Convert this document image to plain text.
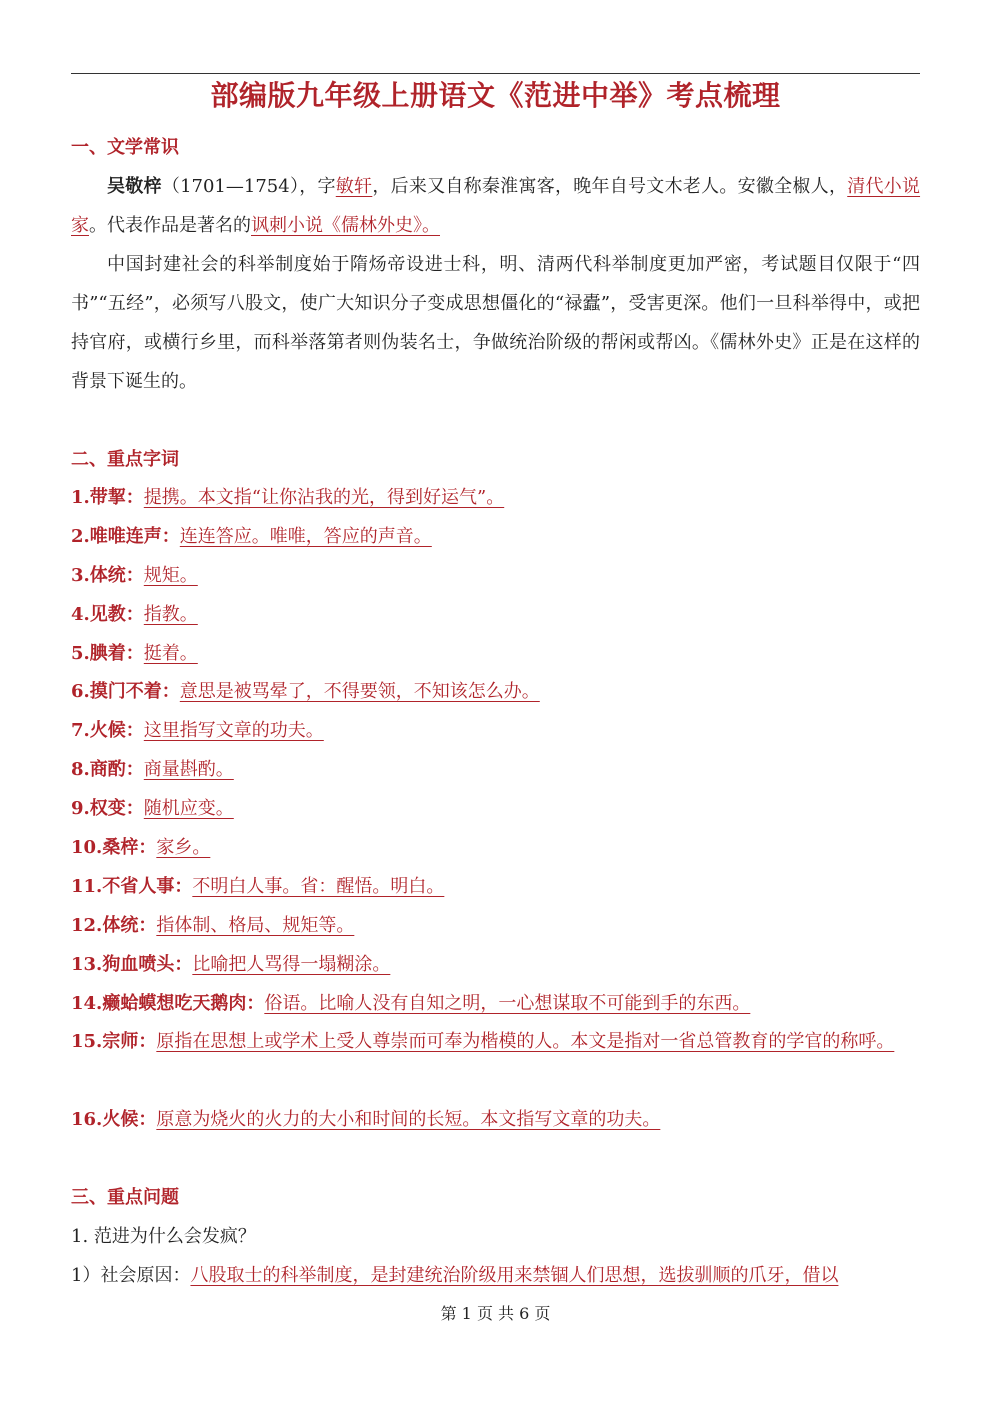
部编版九年级上册语文《范进中举》考点梳理
一、文学常识
吴敬梓（1701—1754），字敏轩，后来又自称秦淮寓客，晚年自号文木老人。安徽全椒人，清代小说家。代表作品是著名的讽刺小说《儒林外史》。
中国封建社会的科举制度始于隋炀帝设进士科，明、清两代科举制度更加严密，考试题目仅限于“四书”“五经”，必须写八股文，使广大知识分子变成思想僵化的“禄蠹”，受害更深。他们一旦科举得中，或把持官府，或横行乡里，而科举落第者则伪装名士，争做统治阶级的帮闲或帮凶。《儒林外史》正是在这样的背景下诞生的。
二、重点字词
1.带挈：提携。本文指“让你沾我的光，得到好运气”。
2.唯唯连声：连连答应。唯唯，答应的声音。
3.体统：规矩。
4.见教：指教。
5.腆着：挺着。
6.摸门不着：意思是被骂晕了，不得要领，不知该怎么办。
7.火候：这里指写文章的功夫。
8.商酌：商量斟酌。
9.权变：随机应变。
10.桑梓：家乡。
11.不省人事：不明白人事。省：醒悟。明白。
12.体统：指体制、格局、规矩等。
13.狗血喷头：比喻把人骂得一塌糊涂。
14.癞蛤蟆想吃天鹅肉：俗语。比喻人没有自知之明，一心想谋取不可能到手的东西。
15.宗师：原指在思想上或学术上受人尊崇而可奉为楷模的人。本文是指对一省总管教育的学官的称呼。
16.火候：原意为烧火的火力的大小和时间的长短。本文指写文章的功夫。
三、重点问题
1. 范进为什么会发疯？
1）社会原因：八股取士的科举制度，是封建统治阶级用来禁锢人们思想，选拔驯顺的爪牙，借以
第 1 页 共 6 页
